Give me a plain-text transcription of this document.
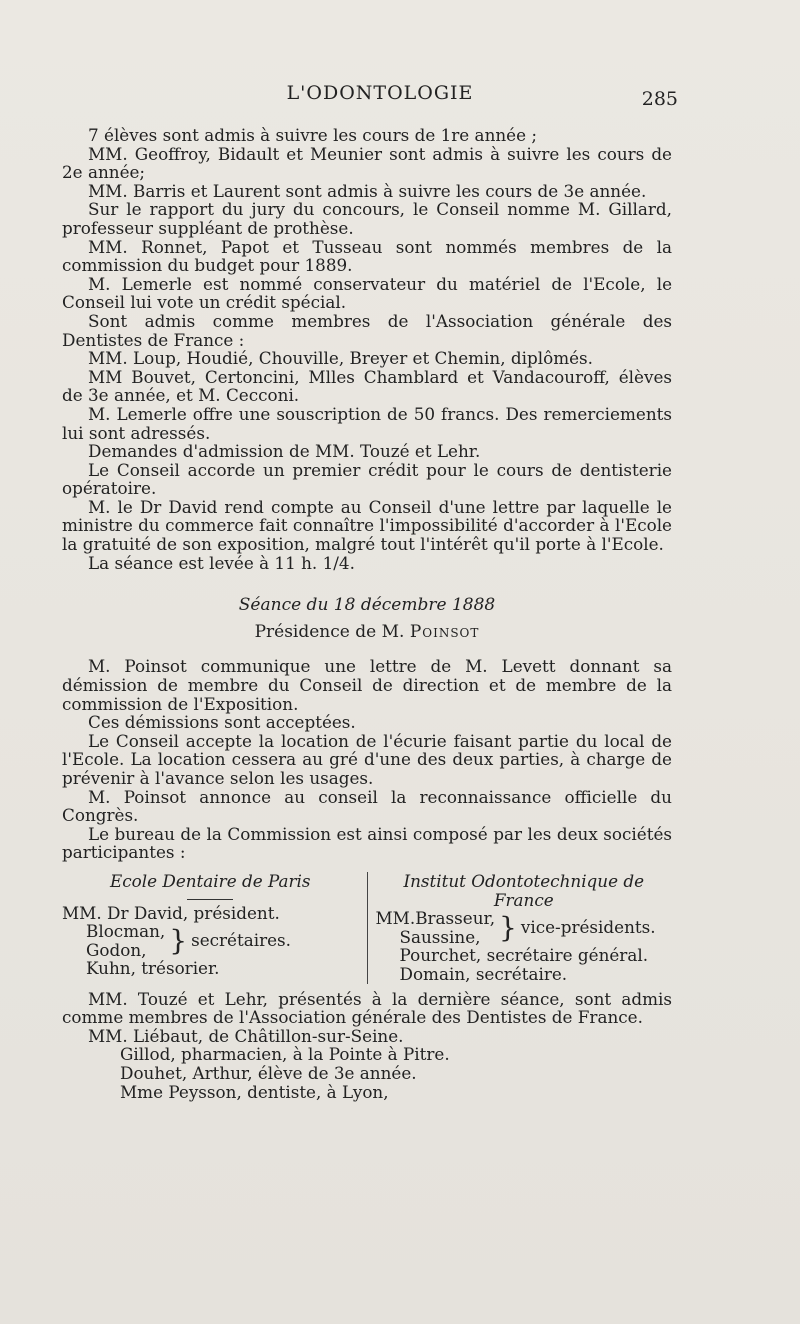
L'ODONTOLOGIE	285

7 élèves sont admis à suivre les cours de 1re année ;

MM. Geoffroy, Bidault et Meunier sont admis à suivre les cours de 2e année;

MM. Barris et Laurent sont admis à suivre les cours de 3e année.

Sur le rapport du jury du concours, le Conseil nomme M. Gillard, professeur suppléant de prothèse.

MM. Ronnet, Papot et Tusseau sont nommés membres de la commission du budget pour 1889.

M. Lemerle est nommé conservateur du matériel de l'Ecole, le Conseil lui vote un crédit spécial.

Sont admis comme membres de l'Association générale des Dentistes de France :

MM. Loup, Houdié, Chouville, Breyer et Chemin, diplômés.

MM Bouvet, Certoncini, Mlles Chamblard et Vandacouroff, élèves de 3e année, et M. Cecconi.

M. Lemerle offre une souscription de 50 francs. Des remerciements lui sont adressés.

Demandes d'admission de MM. Touzé et Lehr.

Le Conseil accorde un premier crédit pour le cours de dentisterie opératoire.

M. le Dr David rend compte au Conseil d'une lettre par laquelle le ministre du commerce fait connaître l'impossibilité d'accorder à l'Ecole la gratuité de son exposition, malgré tout l'intérêt qu'il porte à l'Ecole.

La séance est levée à 11 h. 1/4.

Séance du 18 décembre 1888
Présidence de M. Poinsot

M. Poinsot communique une lettre de M. Levett donnant sa démission de membre du Conseil de direction et de membre de la commission de l'Exposition.

Ces démissions sont acceptées.

Le Conseil accepte la location de l'écurie faisant partie du local de l'Ecole. La location cessera au gré d'une des deux parties, à charge de prévenir à l'avance selon les usages.

M. Poinsot annonce au conseil la reconnaissance officielle du Congrès.

Le bureau de la Commission est ainsi composé par les deux sociétés participantes :

Ecole Dentaire de Paris
MM. Dr David, président.
Blocman,
Godon, } secrétaires.
Kuhn, trésorier.
Institut Odontotechnique de France
MM.Brasseur,
Saussine, } vice-présidents.
Pourchet, secrétaire général.
Domain, secrétaire.

MM. Touzé et Lehr, présentés à la dernière séance, sont admis comme membres de l'Association générale des Dentistes de France.

MM. Liébaut, de Châtillon-sur-Seine.

Gillod, pharmacien, à la Pointe à Pitre.
Douhet, Arthur, élève de 3e année.
Mme Peysson, dentiste, à Lyon,
